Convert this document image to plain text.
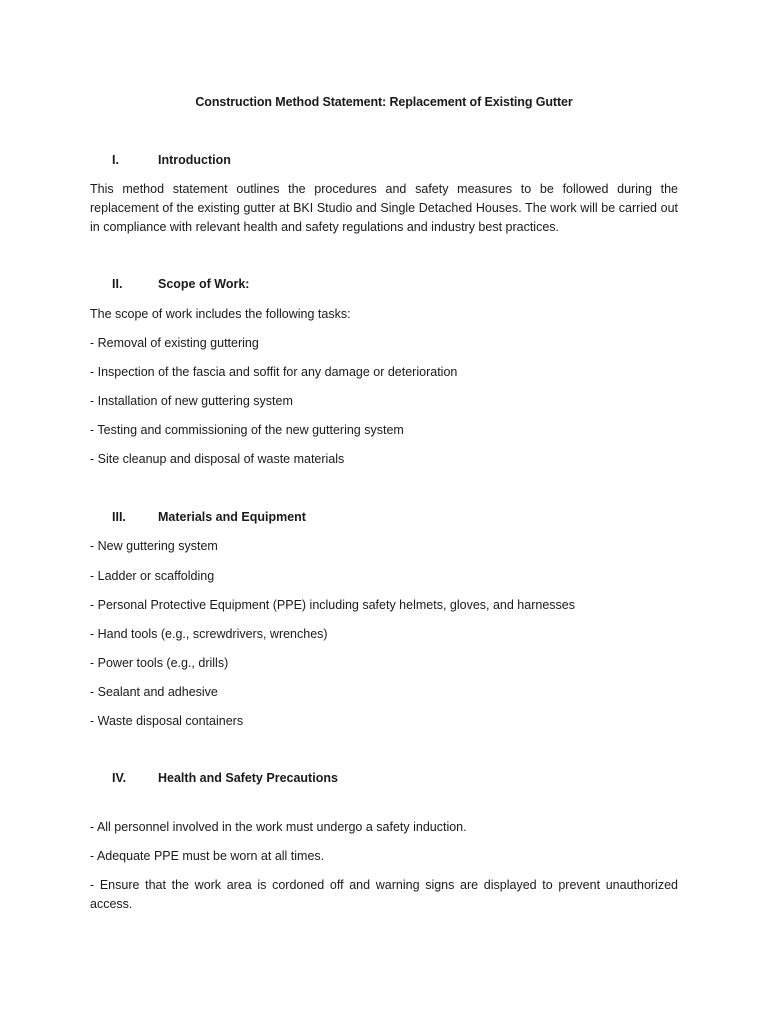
Construction Method Statement: Replacement of Existing Gutter
I.	Introduction
This method statement outlines the procedures and safety measures to be followed during the replacement of the existing gutter at BKI Studio and Single Detached Houses. The work will be carried out in compliance with relevant health and safety regulations and industry best practices.
II.	Scope of Work:
The scope of work includes the following tasks:
- Removal of existing guttering
- Inspection of the fascia and soffit for any damage or deterioration
- Installation of new guttering system
- Testing and commissioning of the new guttering system
- Site cleanup and disposal of waste materials
III.	Materials and Equipment
- New guttering system
- Ladder or scaffolding
- Personal Protective Equipment (PPE) including safety helmets, gloves, and harnesses
- Hand tools (e.g., screwdrivers, wrenches)
- Power tools (e.g., drills)
- Sealant and adhesive
- Waste disposal containers
IV.	Health and Safety Precautions
- All personnel involved in the work must undergo a safety induction.
- Adequate PPE must be worn at all times.
- Ensure that the work area is cordoned off and warning signs are displayed to prevent unauthorized access.
